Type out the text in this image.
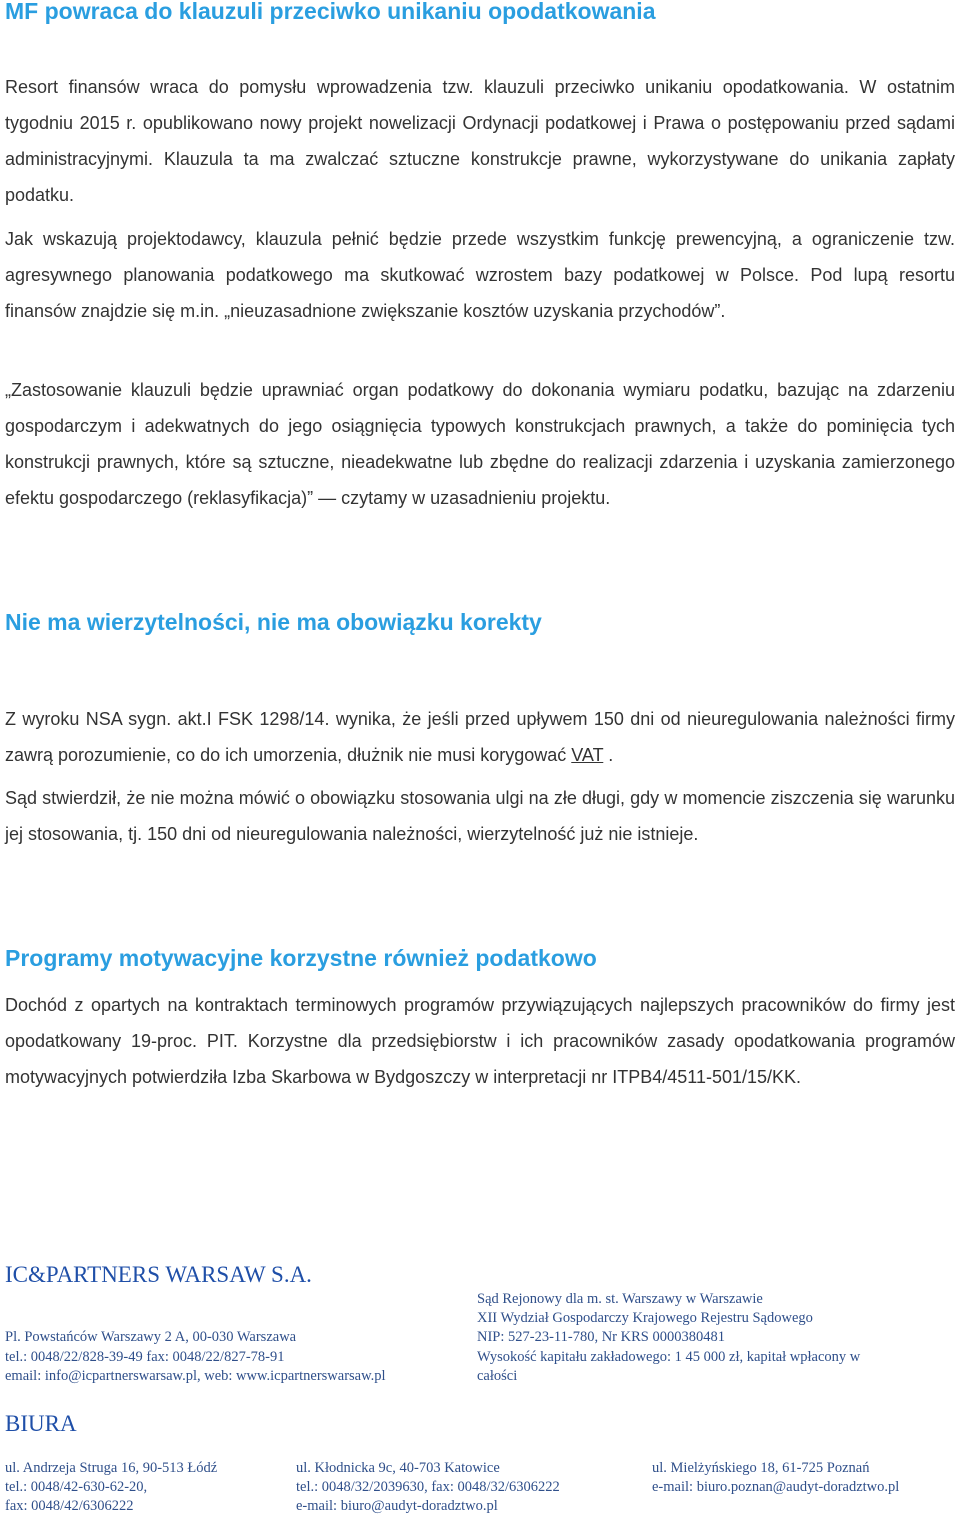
MF powraca do klauzuli przeciwko unikaniu opodatkowania

Resort finansów wraca do pomysłu wprowadzenia tzw. klauzuli przeciwko unikaniu opodatkowania. W ostatnim tygodniu 2015 r. opublikowano nowy projekt nowelizacji Ordynacji podatkowej i Prawa o postępowaniu przed sądami administracyjnymi. Klauzula ta ma zwalczać sztuczne konstrukcje prawne, wykorzystywane do unikania zapłaty podatku.

Jak wskazują projektodawcy, klauzula pełnić będzie przede wszystkim funkcję prewencyjną, a ograniczenie tzw. agresywnego planowania podatkowego ma skutkować wzrostem bazy podatkowej w Polsce. Pod lupą resortu finansów znajdzie się m.in. „nieuzasadnione zwiększanie kosztów uzyskania przychodów”.

„Zastosowanie klauzuli będzie uprawniać organ podatkowy do dokonania wymiaru podatku, bazując na zdarzeniu gospodarczym i adekwatnych do jego osiągnięcia typowych konstrukcjach prawnych, a także do pominięcia tych konstrukcji prawnych, które są sztuczne, nieadekwatne lub zbędne do realizacji zdarzenia i uzyskania zamierzonego efektu gospodarczego (reklasyfikacja)” ― czytamy w uzasadnieniu projektu.

Nie ma wierzytelności, nie ma obowiązku korekty

Z wyroku NSA sygn. akt.I FSK 1298/14. wynika, że jeśli przed upływem 150 dni od nieuregulowania należności firmy zawrą porozumienie, co do ich umorzenia, dłużnik nie musi korygować VAT .

Sąd stwierdził, że nie można mówić o obowiązku stosowania ulgi na złe długi, gdy w momencie ziszczenia się warunku jej stosowania, tj. 150 dni od nieuregulowania należności, wierzytelność już nie istnieje.

Programy motywacyjne korzystne również podatkowo

Dochód z opartych na kontraktach terminowych programów przywiązujących najlepszych pracowników do firmy jest opodatkowany 19-proc. PIT. Korzystne dla przedsiębiorstw i ich pracowników zasady opodatkowania programów motywacyjnych potwierdziła Izba Skarbowa w Bydgoszczy w interpretacji nr ITPB4/4511-501/15/KK.

IC&PARTNERS WARSAW S.A.
Pl. Powstańców Warszawy 2 A, 00-030 Warszawa
tel.: 0048/22/828-39-49 fax: 0048/22/827-78-91
email: info@icpartnerswarsaw.pl, web: www.icpartnerswarsaw.pl
Sąd Rejonowy dla m. st. Warszawy w Warszawie
XII Wydział Gospodarczy Krajowego Rejestru Sądowego
NIP: 527-23-11-780, Nr KRS 0000380481
Wysokość kapitału zakładowego: 1 45 000 zł, kapitał wpłacony w
całości
BIURA
ul. Andrzeja Struga 16, 90-513 Łódź
tel.: 0048/42-630-62-20,
fax: 0048/42/6306222
ul. Kłodnicka 9c, 40-703 Katowice
tel.: 0048/32/2039630, fax: 0048/32/6306222
e-mail: biuro@audyt-doradztwo.pl
ul. Mielżyńskiego 18, 61-725 Poznań
e-mail: biuro.poznan@audyt-doradztwo.pl
